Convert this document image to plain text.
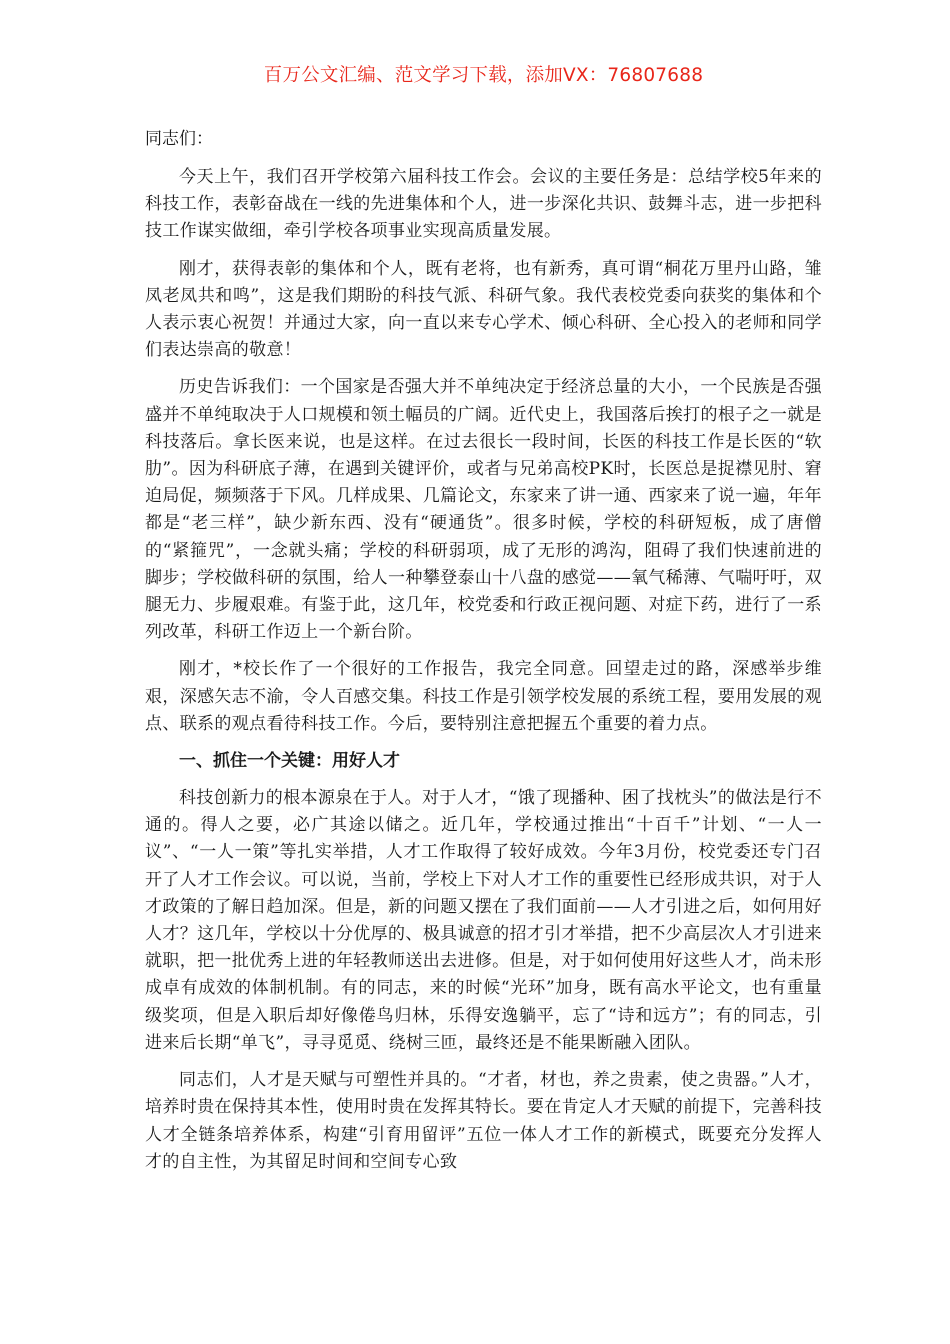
百万公文汇编、范文学习下载，添加VX：76807688
同志们：

今天上午，我们召开学校第六届科技工作会。会议的主要任务是：总结学校5年来的科技工作，表彰奋战在一线的先进集体和个人，进一步深化共识、鼓舞斗志，进一步把科技工作谋实做细，牵引学校各项事业实现高质量发展。

刚才，获得表彰的集体和个人，既有老将，也有新秀，真可谓“桐花万里丹山路，雏凤老凤共和鸣”，这是我们期盼的科技气派、科研气象。我代表校党委向获奖的集体和个人表示衷心祝贺！并通过大家，向一直以来专心学术、倾心科研、全心投入的老师和同学们表达崇高的敬意！

历史告诉我们：一个国家是否强大并不单纯决定于经济总量的大小，一个民族是否强盛并不单纯取决于人口规模和领土幅员的广阔。近代史上，我国落后挨打的根子之一就是科技落后。拿长医来说，也是这样。在过去很长一段时间，长医的科技工作是长医的“软肋”。因为科研底子薄，在遇到关键评价，或者与兄弟高校PK时，长医总是捉襟见肘、窘迫局促，频频落于下风。几样成果、几篇论文，东家来了讲一通、西家来了说一遍，年年都是“老三样”，缺少新东西、没有“硬通货”。很多时候，学校的科研短板，成了唐僧的“紧箍咒”，一念就头痛；学校的科研弱项，成了无形的鸿沟，阻碍了我们快速前进的脚步；学校做科研的氛围，给人一种攀登泰山十八盘的感觉——氧气稀薄、气喘吁吁，双腿无力、步履艰难。有鉴于此，这几年，校党委和行政正视问题、对症下药，进行了一系列改革，科研工作迈上一个新台阶。

刚才，*校长作了一个很好的工作报告，我完全同意。回望走过的路，深感举步维艰，深感矢志不渝，令人百感交集。科技工作是引领学校发展的系统工程，要用发展的观点、联系的观点看待科技工作。今后，要特别注意把握五个重要的着力点。

一、抓住一个关键：用好人才

科技创新力的根本源泉在于人。对于人才，“饿了现播种、困了找枕头”的做法是行不通的。得人之要，必广其途以储之。近几年，学校通过推出“十百千”计划、“一人一议”、“一人一策”等扎实举措，人才工作取得了较好成效。今年3月份，校党委还专门召开了人才工作会议。可以说，当前，学校上下对人才工作的重要性已经形成共识，对于人才政策的了解日趋加深。但是，新的问题又摆在了我们面前——人才引进之后，如何用好人才？这几年，学校以十分优厚的、极具诚意的招才引才举措，把不少高层次人才引进来就职，把一批优秀上进的年轻教师送出去进修。但是，对于如何使用好这些人才，尚未形成卓有成效的体制机制。有的同志，来的时候“光环”加身，既有高水平论文，也有重量级奖项，但是入职后却好像倦鸟归林，乐得安逸躺平，忘了“诗和远方”；有的同志，引进来后长期“单飞”，寻寻觅觅、绕树三匝，最终还是不能果断融入团队。

同志们，人才是天赋与可塑性并具的。“才者，材也，养之贵素，使之贵器。”人才，培养时贵在保持其本性，使用时贵在发挥其特长。要在肯定人才天赋的前提下，完善科技人才全链条培养体系，构建“引育用留评”五位一体人才工作的新模式，既要充分发挥人才的自主性，为其留足时间和空间专心致
